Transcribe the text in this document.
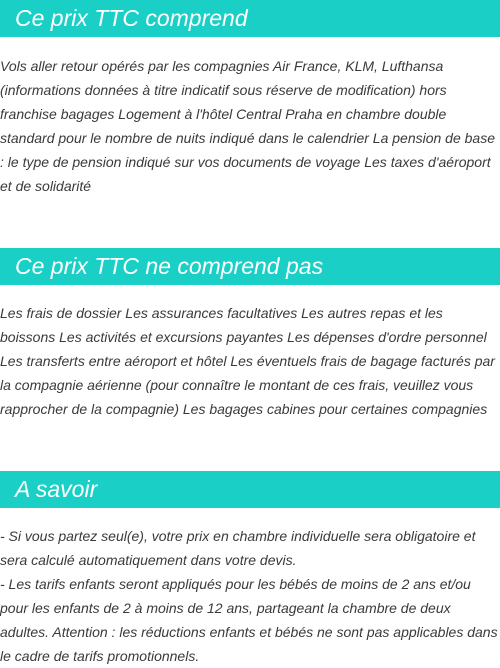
Ce prix TTC comprend

Vols aller retour opérés par les compagnies Air France, KLM, Lufthansa (informations données à titre indicatif sous réserve de modification) hors franchise bagages Logement à l'hôtel Central Praha en chambre double standard pour le nombre de nuits indiqué dans le calendrier La pension de base : le type de pension indiqué sur vos documents de voyage Les taxes d'aéroport et de solidarité

Ce prix TTC ne comprend pas

Les frais de dossier Les assurances facultatives Les autres repas et les boissons Les activités et excursions payantes Les dépenses d'ordre personnel Les transferts entre aéroport et hôtel Les éventuels frais de bagage facturés par la compagnie aérienne (pour connaître le montant de ces frais, veuillez vous rapprocher de la compagnie) Les bagages cabines pour certaines compagnies

A savoir

- Si vous partez seul(e), votre prix en chambre individuelle sera obligatoire et sera calculé automatiquement dans votre devis.

- Les tarifs enfants seront appliqués pour les bébés de moins de 2 ans et/ou pour les enfants de 2 à moins de 12 ans, partageant la chambre de deux adultes. Attention : les réductions enfants et bébés ne sont pas applicables dans le cadre de tarifs promotionnels.
